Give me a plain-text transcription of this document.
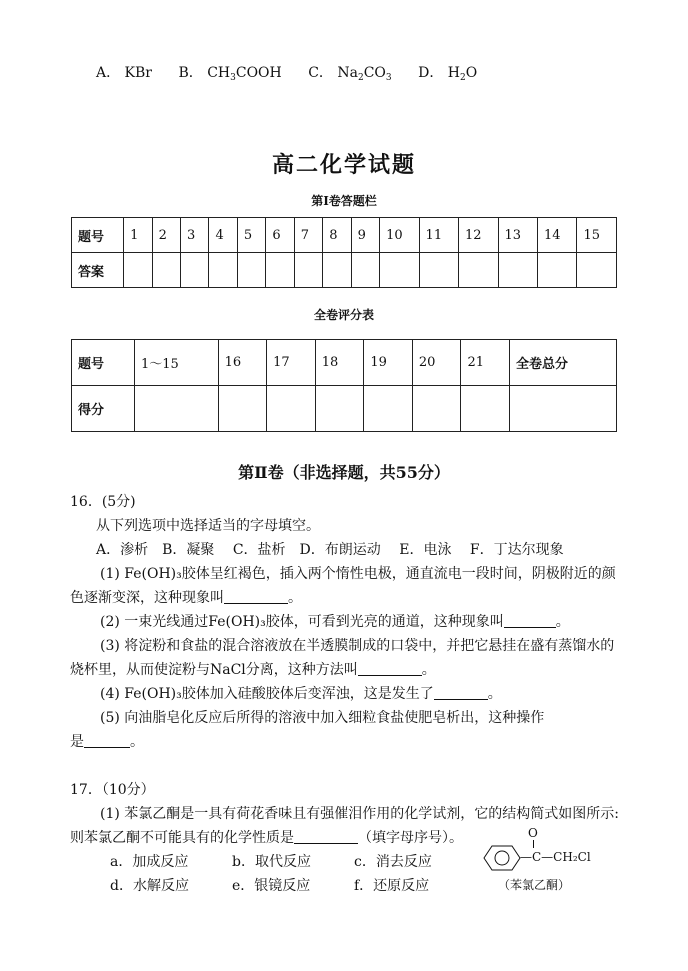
A． KBr B． $CH_3COOH$ C． $Na_2CO_3$ D． $H_2O$
高二化学试题
第I卷答题栏
题号	1	2	3	4	5	6	7	8	9	10	11	12	13	14	15
答案															
全卷评分表
题号	1～15	16	17	18	19	20	21	全卷总分
得分								
第Ⅱ卷（非选择题，共55分）
16．(5分)
从下列选项中选择适当的字母填空。
A．渗析　B．凝聚　 C．盐析　D．布朗运动　 E．电泳　 F．丁达尔现象
(1) Fe(OH)₃胶体呈红褐色，插入两个惰性电极，通直流电一段时间，阴极附近的颜
色逐渐变深，这种现象叫	。
(2) 一束光线通过Fe(OH)₃胶体，可看到光亮的通道，这种现象叫	。
(3) 将淀粉和食盐的混合溶液放在半透膜制成的口袋中，并把它悬挂在盛有蒸馏水的
烧杯里，从而使淀粉与NaCl分离，这种方法叫	。
(4) Fe(OH)₃胶体加入硅酸胶体后变浑浊，这是发生了	。
(5) 向油脂皂化反应后所得的溶液中加入细粒食盐使肥皂析出，这种操作
是	。
17．（10分）
(1) 苯氯乙酮是一具有荷花香味且有强催泪作用的化学试剂，它的结构简式如图所示:
则苯氯乙酮不可能具有的化学性质是	（填字母序号）。
a．加成反应	b．取代反应	c．消去反应
d．水解反应	e．银镜反应	f．还原反应
O
—C—CH₂Cl
（苯氯乙酮）
